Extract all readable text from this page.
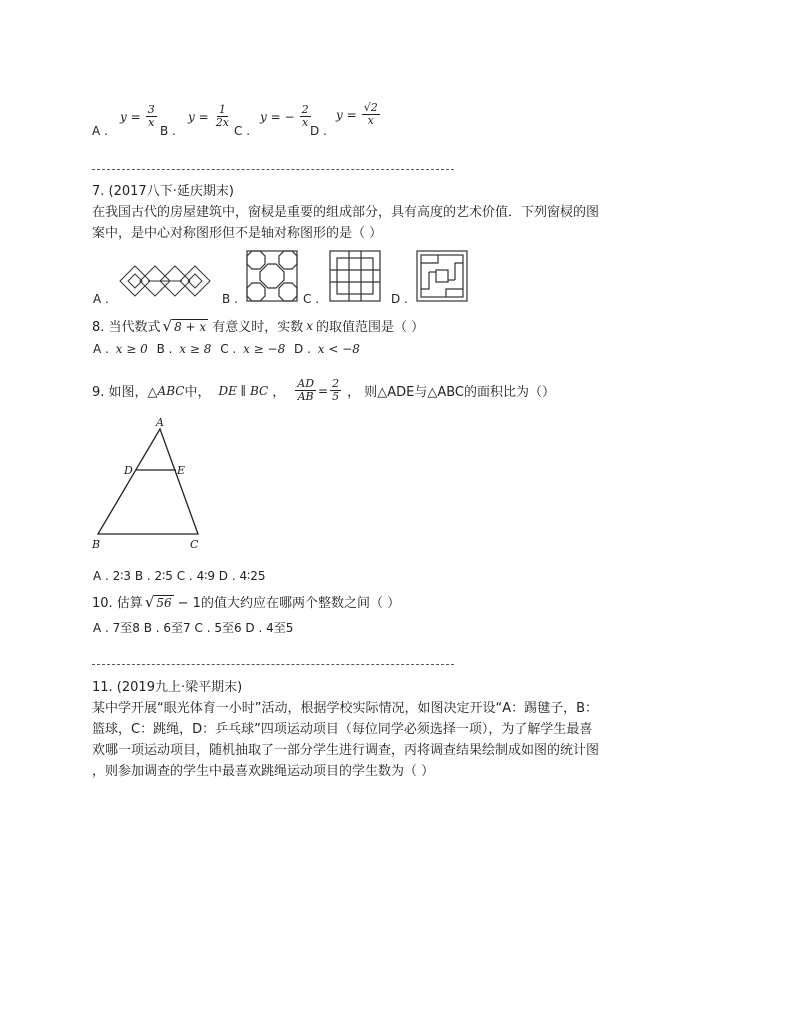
A .
$y = \frac{3}{x}$
B .
$y = \frac{1}{2x}$
C .
y = − $\frac{2}{x}$
D .
$y = \frac{√2}{x}$
7. (2017八下·延庆期末)
在我国古代的房屋建筑中，窗棂是重要的组成部分，具有高度的艺术价值．下列窗棂的图
案中，是中心对称图形但不是轴对称图形的是（ ）
A .	B .	C .	D .
8. 当代数式 √ 8 + x 有意义时，实数 x 的取值范围是（ ）
A . x ≥ 0 B . x ≥ 8 C . x ≥ −8 D . x < −8
9. 如图，△ ABC 中， DE ∥ BC ， $\frac{AD}{AB} = \frac{2}{5}$ ， 则△ADE与△ABC的面积比为（）
A
D	E
B	C
A . 2∶3 B . 2∶5 C . 4∶9 D . 4∶25
10. 估算 √ 56 − 1的值大约应在哪两个整数之间（ ）
A . 7至8 B . 6至7 C . 5至6 D . 4至5
11. (2019九上·梁平期末)
某中学开展“眼光体育一小时”活动，根据学校实际情况，如图决定开设“A：踢毽子，B：
篮球，C：跳绳，D：乒乓球”四项运动项目（每位同学必须选择一项），为了解学生最喜
欢哪一项运动项目，随机抽取了一部分学生进行调查，丙将调查结果绘制成如图的统计图
，则参加调查的学生中最喜欢跳绳运动项目的学生数为（ ）
